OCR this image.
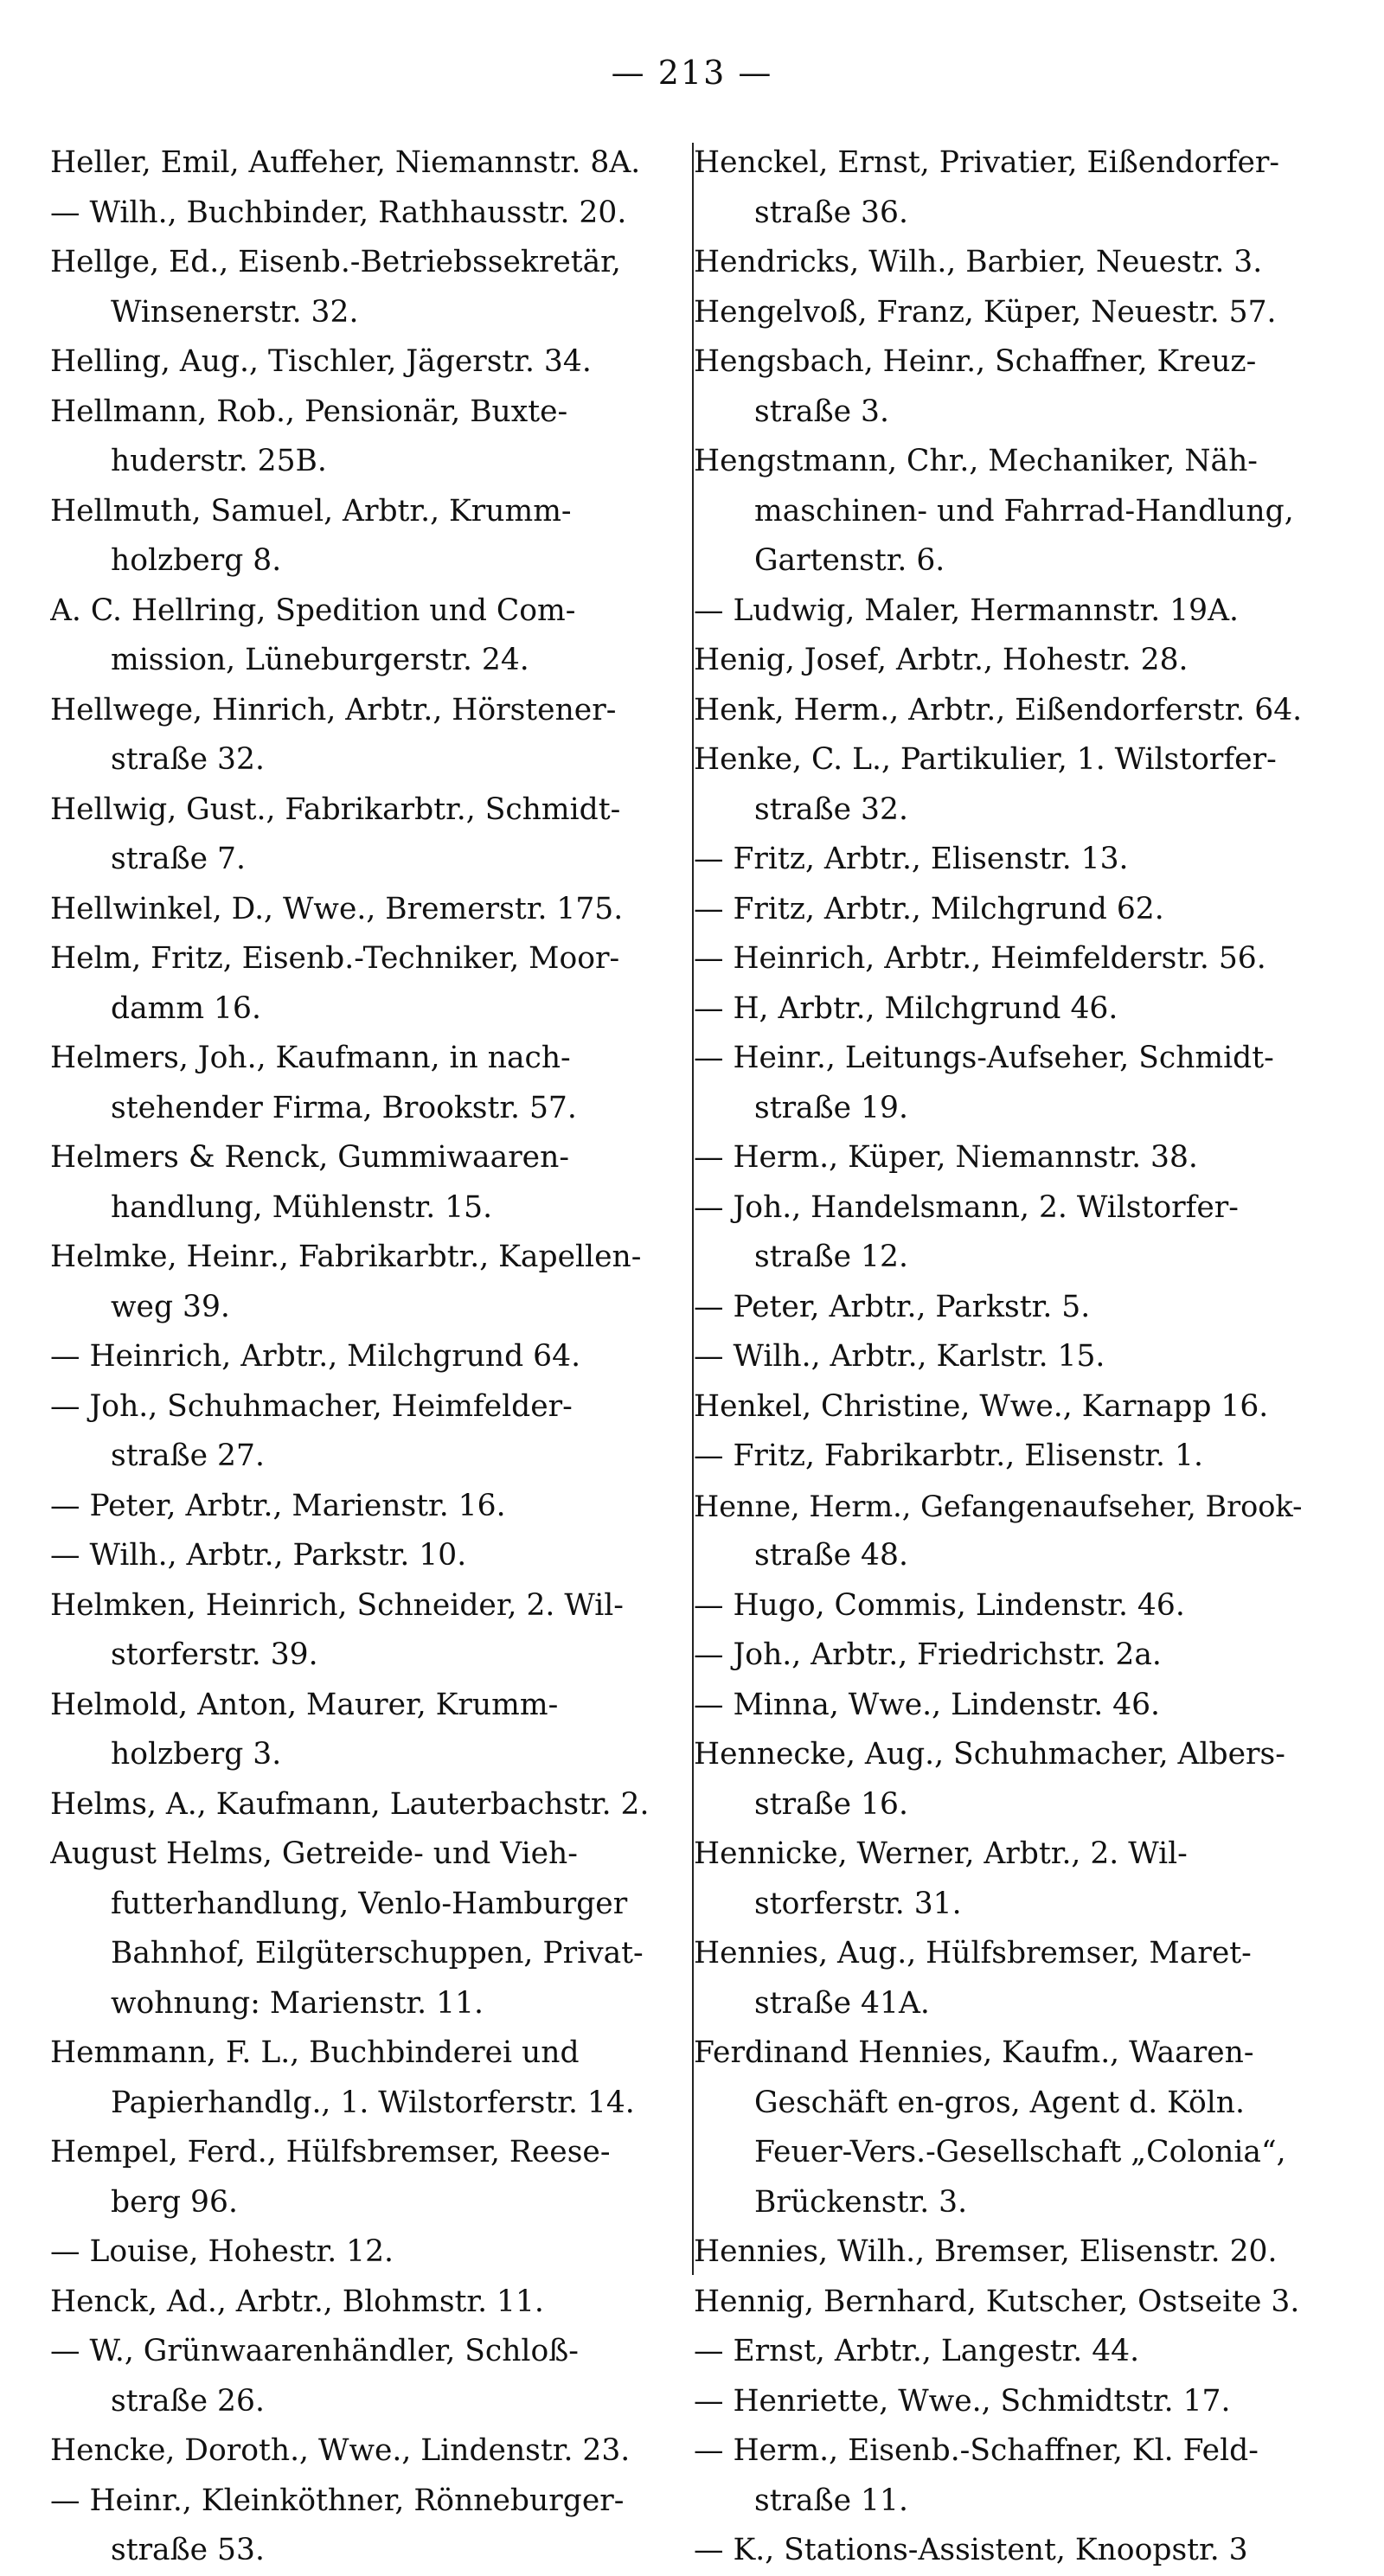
— 213 —
Heller, Emil, Auffeher, Niemannstr. 8A.
— Wilh., Buchbinder, Rathhausstr. 20.
Hellge, Ed., Eisenb.-Betriebssekretär,
Winsenerstr. 32.
Helling, Aug., Tischler, Jägerstr. 34.
Hellmann, Rob., Pensionär, Buxte-
huderstr. 25B.
Hellmuth, Samuel, Arbtr., Krumm-
holzberg 8.
A. C. Hellring, Spedition und Com-
mission, Lüneburgerstr. 24.
Hellwege, Hinrich, Arbtr., Hörstener-
straße 32.
Hellwig, Gust., Fabrikarbtr., Schmidt-
straße 7.
Hellwinkel, D., Wwe., Bremerstr. 175.
Helm, Fritz, Eisenb.-Techniker, Moor-
damm 16.
Helmers, Joh., Kaufmann, in nach-
stehender Firma, Brookstr. 57.
Helmers & Renck, Gummiwaaren-
handlung, Mühlenstr. 15.
Helmke, Heinr., Fabrikarbtr., Kapellen-
weg 39.
— Heinrich, Arbtr., Milchgrund 64.
— Joh., Schuhmacher, Heimfelder-
straße 27.
— Peter, Arbtr., Marienstr. 16.
— Wilh., Arbtr., Parkstr. 10.
Helmken, Heinrich, Schneider, 2. Wil-
storferstr. 39.
Helmold, Anton, Maurer, Krumm-
holzberg 3.
Helms, A., Kaufmann, Lauterbachstr. 2.
August Helms, Getreide- und Vieh-
futterhandlung, Venlo-Hamburger
Bahnhof, Eilgüterschuppen, Privat-
wohnung: Marienstr. 11.
Hemmann, F. L., Buchbinderei und
Papierhandlg., 1. Wilstorferstr. 14.
Hempel, Ferd., Hülfsbremser, Reese-
berg 96.
— Louise, Hohestr. 12.
Henck, Ad., Arbtr., Blohmstr. 11.
— W., Grünwaarenhändler, Schloß-
straße 26.
Hencke, Doroth., Wwe., Lindenstr. 23.
— Heinr., Kleinköthner, Rönneburger-
straße 53.
Henckel, Ernst, Privatier, Eißendorfer-
straße 36.
Hendricks, Wilh., Barbier, Neuestr. 3.
Hengelvoß, Franz, Küper, Neuestr. 57.
Hengsbach, Heinr., Schaffner, Kreuz-
straße 3.
Hengstmann, Chr., Mechaniker, Näh-
maschinen- und Fahrrad-Handlung,
Gartenstr. 6.
— Ludwig, Maler, Hermannstr. 19A.
Henig, Josef, Arbtr., Hohestr. 28.
Henk, Herm., Arbtr., Eißendorferstr. 64.
Henke, C. L., Partikulier, 1. Wilstorfer-
straße 32.
— Fritz, Arbtr., Elisenstr. 13.
— Fritz, Arbtr., Milchgrund 62.
— Heinrich, Arbtr., Heimfelderstr. 56.
— H, Arbtr., Milchgrund 46.
— Heinr., Leitungs-Aufseher, Schmidt-
straße 19.
— Herm., Küper, Niemannstr. 38.
— Joh., Handelsmann, 2. Wilstorfer-
straße 12.
— Peter, Arbtr., Parkstr. 5.
— Wilh., Arbtr., Karlstr. 15.
Henkel, Christine, Wwe., Karnapp 16.
— Fritz, Fabrikarbtr., Elisenstr. 1.
Henne, Herm., Gefangenaufseher, Brook-
straße 48.
— Hugo, Commis, Lindenstr. 46.
— Joh., Arbtr., Friedrichstr. 2a.
— Minna, Wwe., Lindenstr. 46.
Hennecke, Aug., Schuhmacher, Albers-
straße 16.
Hennicke, Werner, Arbtr., 2. Wil-
storferstr. 31.
Hennies, Aug., Hülfsbremser, Maret-
straße 41A.
Ferdinand Hennies, Kaufm., Waaren-
Geschäft en-gros, Agent d. Köln.
Feuer-Vers.-Gesellschaft „Colonia“,
Brückenstr. 3.
Hennies, Wilh., Bremser, Elisenstr. 20.
Hennig, Bernhard, Kutscher, Ostseite 3.
— Ernst, Arbtr., Langestr. 44.
— Henriette, Wwe., Schmidtstr. 17.
— Herm., Eisenb.-Schaffner, Kl. Feld-
straße 11.
— K., Stations-Assistent, Knoopstr. 3
